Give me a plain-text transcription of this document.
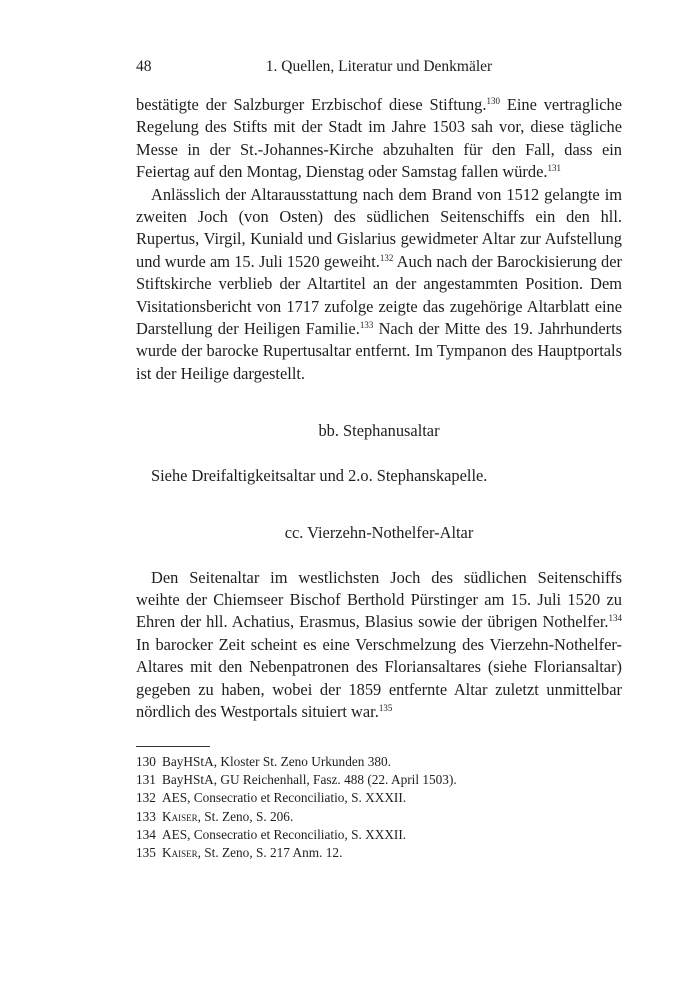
48	1. Quellen, Literatur und Denkmäler

bestätigte der Salzburger Erzbischof diese Stiftung.$^{130}$ Eine vertragliche Regelung des Stifts mit der Stadt im Jahre 1503 sah vor, diese tägliche Messe in der St.-Johannes-Kirche abzuhalten für den Fall, dass ein Feiertag auf den Montag, Dienstag oder Samstag fallen würde.$^{131}$

Anlässlich der Altarausstattung nach dem Brand von 1512 gelangte im zweiten Joch (von Osten) des südlichen Seitenschiffs ein den hll. Rupertus, Virgil, Kuniald und Gislarius gewidmeter Altar zur Aufstellung und wurde am 15. Juli 1520 geweiht.$^{132}$ Auch nach der Barockisierung der Stiftskirche verblieb der Altartitel an der angestammten Position. Dem Visitationsbericht von 1717 zufolge zeigte das zugehörige Altarblatt eine Darstellung der Heiligen Familie.$^{133}$ Nach der Mitte des 19. Jahrhunderts wurde der barocke Rupertusaltar entfernt. Im Tympanon des Hauptportals ist der Heilige dargestellt.

bb. Stephanusaltar

Siehe Dreifaltigkeitsaltar und 2.o. Stephanskapelle.

cc. Vierzehn-Nothelfer-Altar

Den Seitenaltar im westlichsten Joch des südlichen Seitenschiffs weihte der Chiemseer Bischof Berthold Pürstinger am 15. Juli 1520 zu Ehren der hll. Achatius, Erasmus, Blasius sowie der übrigen Nothelfer.$^{134}$ In barocker Zeit scheint es eine Verschmelzung des Vierzehn-Nothelfer-Altares mit den Nebenpatronen des Floriansaltares (siehe Floriansaltar) gegeben zu haben, wobei der 1859 entfernte Altar zuletzt unmittelbar nördlich des Westportals situiert war.$^{135}$

130 BayHStA, Kloster St. Zeno Urkunden 380.
131 BayHStA, GU Reichenhall, Fasz. 488 (22. April 1503).
132 AES, Consecratio et Reconciliatio, S. XXXII.
133 Kaiser, St. Zeno, S. 206.
134 AES, Consecratio et Reconciliatio, S. XXXII.
135 Kaiser, St. Zeno, S. 217 Anm. 12.
